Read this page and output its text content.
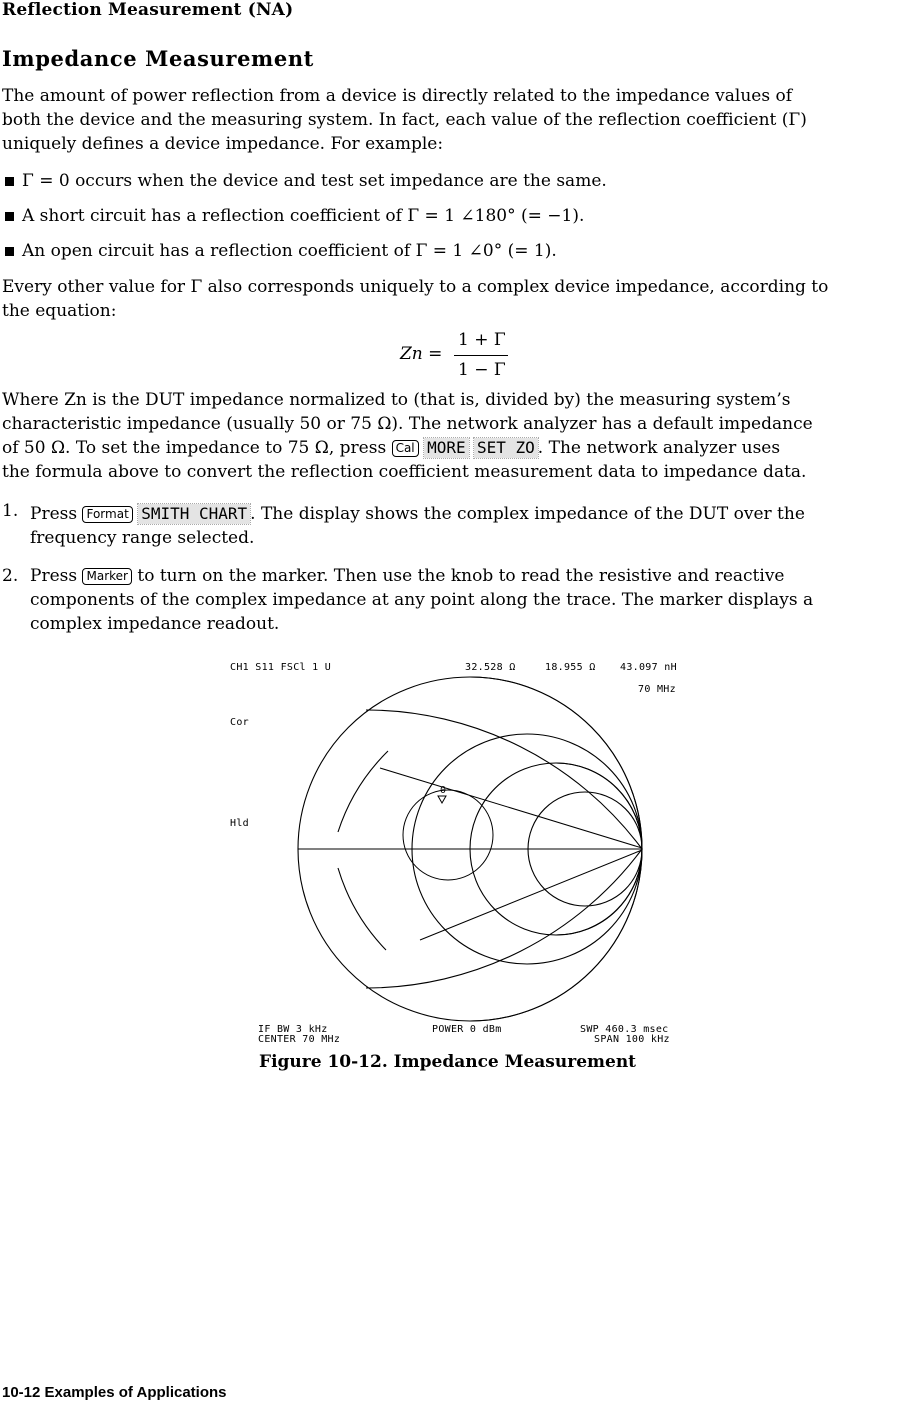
Reflection Measurement (NA)
Impedance Measurement
The amount of power reflection from a device is directly related to the impedance values of
both the device and the measuring system. In fact, each value of the reflection coefficient (Γ)
uniquely defines a device impedance. For example:
Γ = 0 occurs when the device and test set impedance are the same.
A short circuit has a reflection coefficient of Γ = 1 ∠180° (= −1).
An open circuit has a reflection coefficient of Γ = 1 ∠0° (= 1).
Every other value for Γ also corresponds uniquely to a complex device impedance, according to
the equation:
Zn =
1 + Γ
1 − Γ
Where Zn is the DUT impedance normalized to (that is, divided by) the measuring system’s
characteristic impedance (usually 50 or 75 Ω). The network analyzer has a default impedance
of 50 Ω. To set the impedance to 75 Ω, press Cal MORE SET ZO . The network analyzer uses
the formula above to convert the reflection coefficient measurement data to impedance data.
1. Press Format SMITH CHART . The display shows the complex impedance of the DUT over the
frequency range selected.
2. Press Marker to turn on the marker. Then use the knob to read the resistive and reactive
components of the complex impedance at any point along the trace. The marker displays a
complex impedance readout.
0
CH1 S11 FSCl 1 U	32.528 Ω	18.955 Ω 43.097 nH
70 MHz
Cor
Hld
IF BW 3 kHz
CENTER 70 MHz
POWER 0 dBm	SWP 460.3 msec
SPAN 100 kHz
Figure 10-12. Impedance Measurement
10-12 Examples of Applications
